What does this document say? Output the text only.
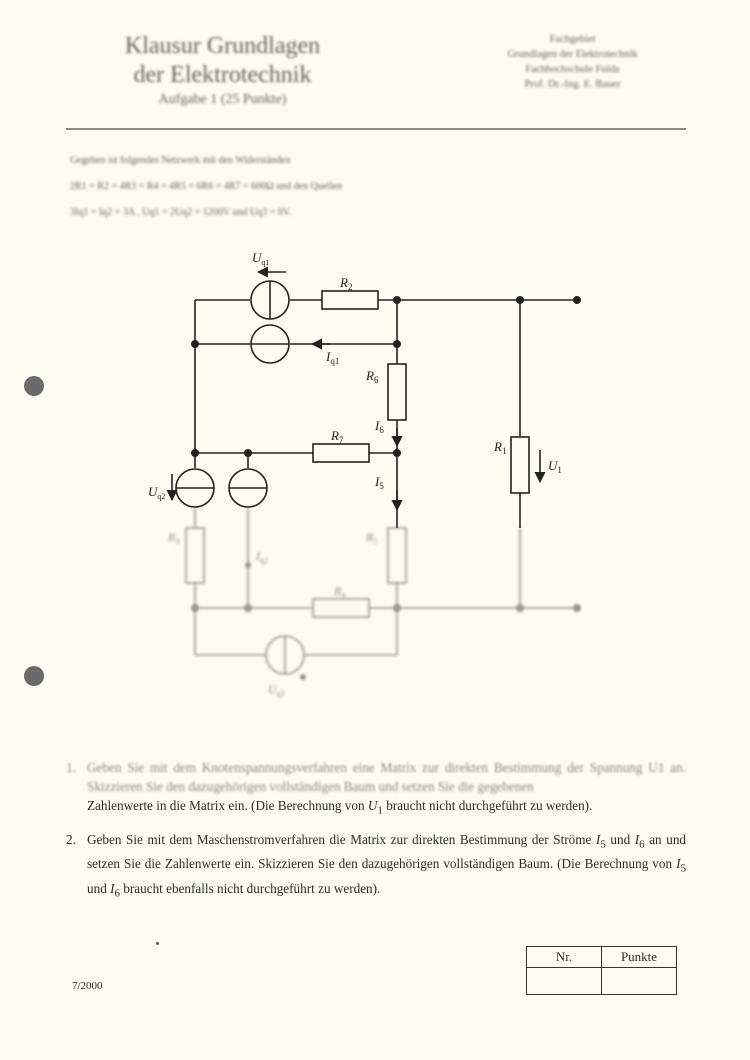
Klausur Grundlagen
der Elektrotechnik
Aufgabe 1 (25 Punkte)
Fachgebiet
Grundlagen der Elektrotechnik
Fachhochschule Fulda
Prof. Dr.-Ing. E. Bauer
Gegeben ist folgendes Netzwerk mit den Widerständen
2R1 = R2 = 4R3 = R4 = 4R5 = 6R6 = 4R7 = 600Ω und den Quellen
3Iq1 = Iq2 = 3A , Uq1 = 2Uq2 = 1200V und Uq3 = 0V.
$U_{q1}$
$R_2$
$I_{q1}$
$R_6$
$I_6$
$R_7$
$I_5$
$R_1$
$U_1$
$U_{q2}$
$R_3$
$I_{q2}$
$R_5$
$R_4$
$U_{q3}$
1. Geben Sie mit dem Knotenspannungsverfahren eine Matrix zur direkten Bestimmung der Spannung U1 an. Skizzieren Sie den dazugehörigen vollständigen Baum und setzen Sie die gegebenen
Zahlenwerte in die Matrix ein. (Die Berechnung von $U_1$ braucht nicht durchgeführt zu werden).
2. Geben Sie mit dem Maschenstromverfahren die Matrix zur direkten Bestimmung der Ströme $I_5$ und $I_6$ an und setzen Sie die Zahlenwerte ein. Skizzieren Sie den dazugehörigen vollständigen Baum. (Die Berechnung von $I_5$ und $I_6$ braucht ebenfalls nicht durchgeführt zu werden).
7/2000
Nr.	Punkte
